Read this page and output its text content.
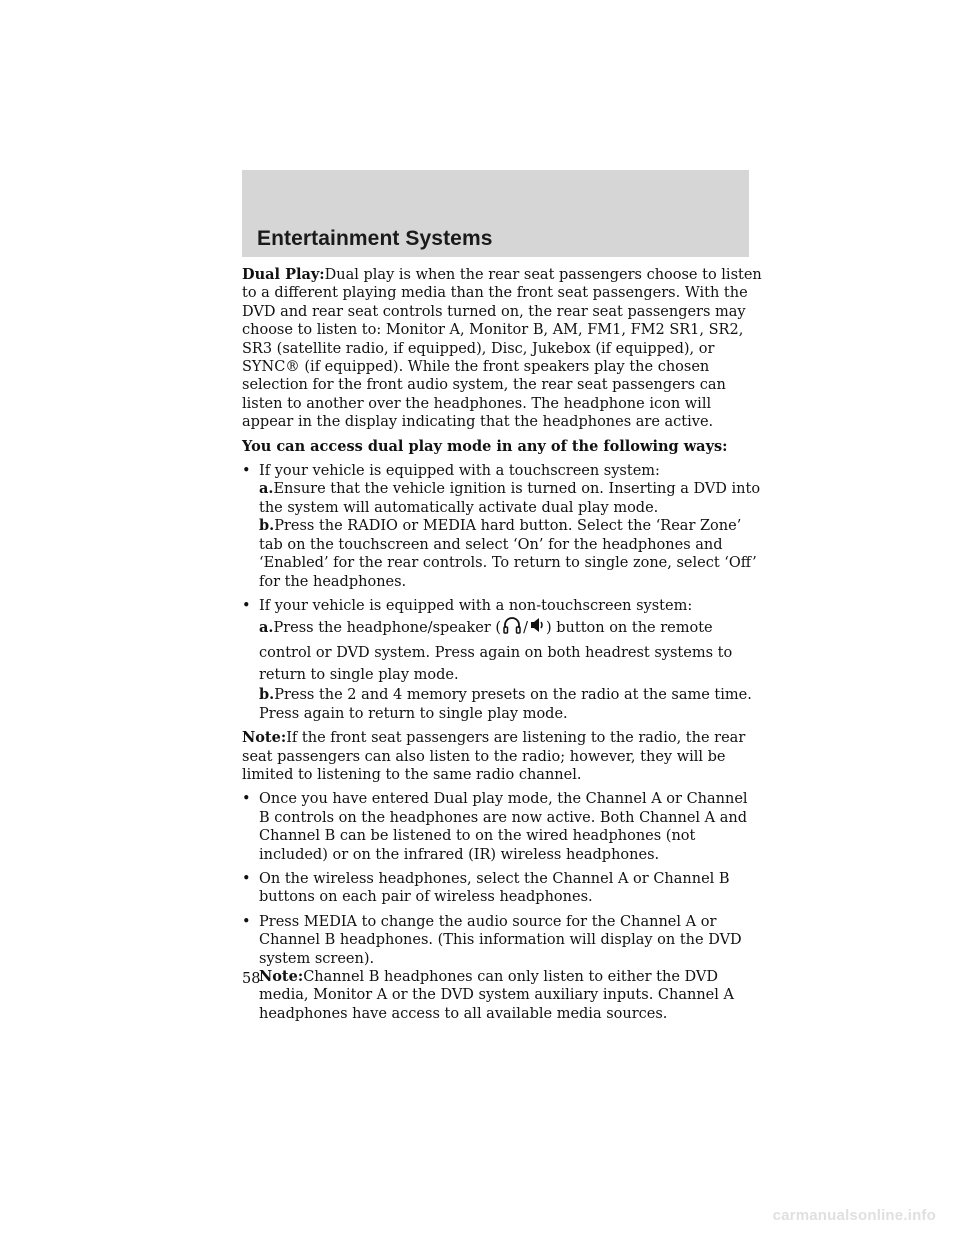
Entertainment Systems

Dual Play:Dual play is when the rear seat passengers choose to listen to a different playing media than the front seat passengers. With the DVD and rear seat controls turned on, the rear seat passengers may choose to listen to: Monitor A, Monitor B, AM, FM1, FM2 SR1, SR2, SR3 (satellite radio, if equipped), Disc, Jukebox (if equipped), or SYNC® (if equipped). While the front speakers play the chosen selection for the front audio system, the rear seat passengers can listen to another over the headphones. The headphone icon will appear in the display indicating that the headphones are active.

You can access dual play mode in any of the following ways:

• If your vehicle is equipped with a touchscreen system:
a.Ensure that the vehicle ignition is turned on. Inserting a DVD into the system will automatically activate dual play mode.
b.Press the RADIO or MEDIA hard button. Select the ‘Rear Zone’ tab on the touchscreen and select ‘On’ for the headphones and ‘Enabled’ for the rear controls. To return to single zone, select ‘Off’ for the headphones.
• If your vehicle is equipped with a non-touchscreen system:
a.Press the headphone/speaker ( / ) button on the remote control or DVD system. Press again on both headrest systems to return to single play mode.
b.Press the 2 and 4 memory presets on the radio at the same time. Press again to return to single play mode.

Note:If the front seat passengers are listening to the radio, the rear seat passengers can also listen to the radio; however, they will be limited to listening to the same radio channel.

• Once you have entered Dual play mode, the Channel A or Channel B controls on the headphones are now active. Both Channel A and Channel B can be listened to on the wired headphones (not included) or on the infrared (IR) wireless headphones.
• On the wireless headphones, select the Channel A or Channel B buttons on each pair of wireless headphones.
• Press MEDIA to change the audio source for the Channel A or Channel B headphones. (This information will display on the DVD system screen).
Note:Channel B headphones can only listen to either the DVD media, Monitor A or the DVD system auxiliary inputs. Channel A headphones have access to all available media sources.
58
carmanualsonline.info
